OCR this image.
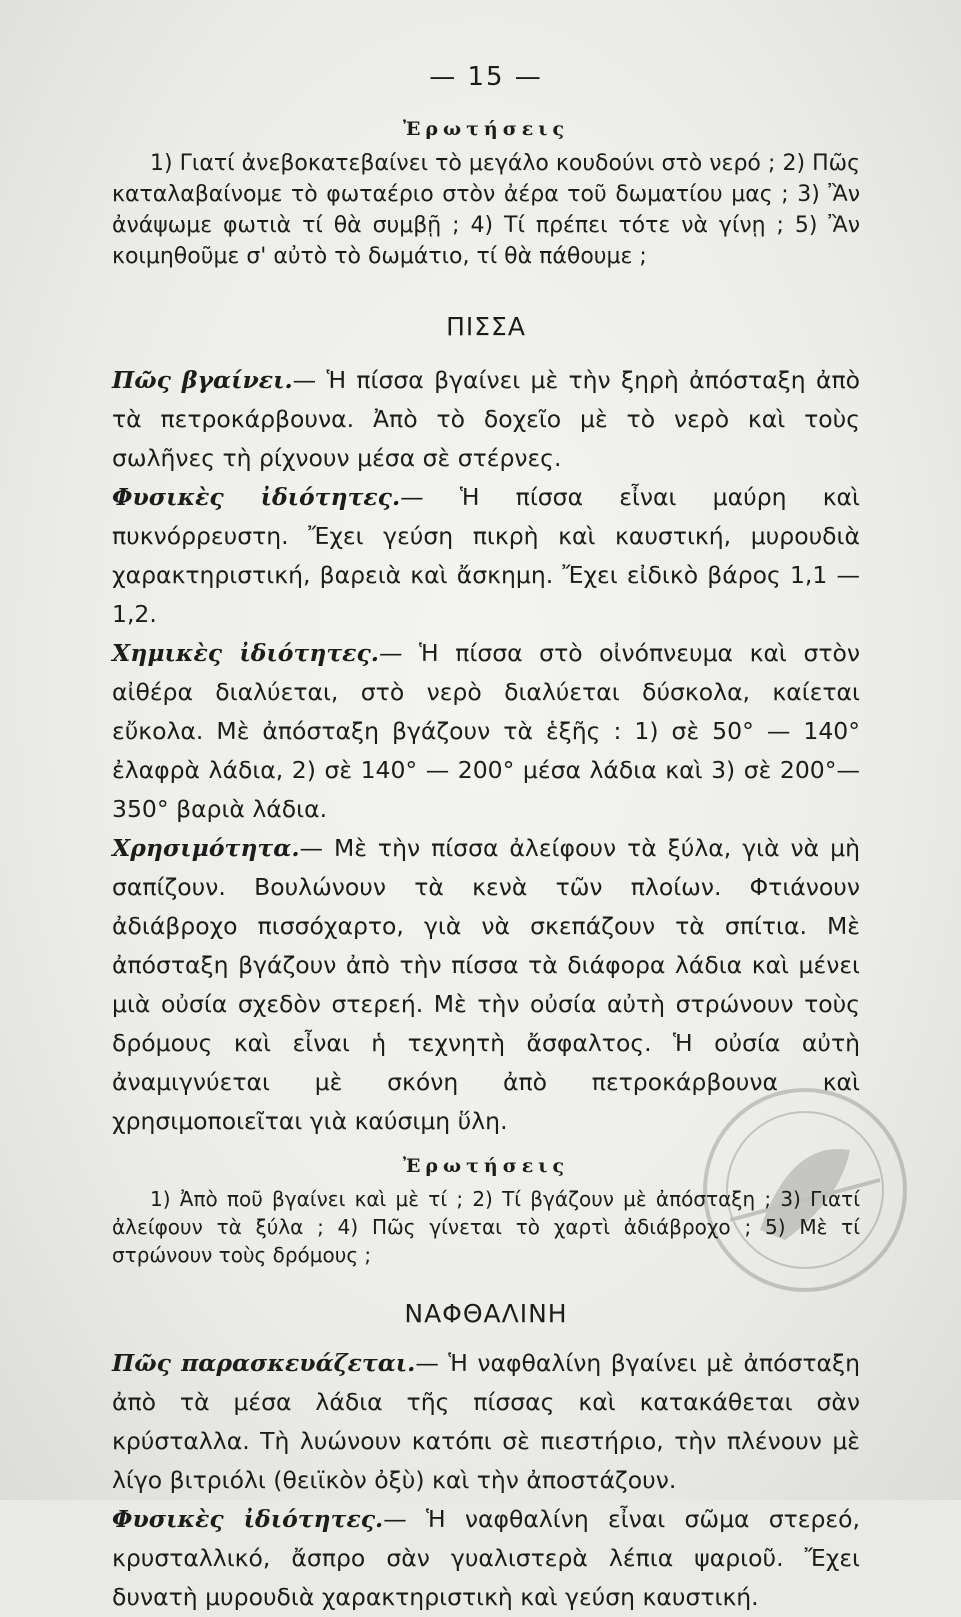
— 15 —
Ἐρωτήσεις

1) Γιατί ἀνεβοκατεβαίνει τὸ μεγάλο κουδούνι στὸ νερό ; 2) Πῶς καταλαβαίνομε τὸ φωταέριο στὸν ἀέρα τοῦ δωματίου μας ; 3) Ἂν ἀνάψωμε φωτιὰ τί θὰ συμβῇ ; 4) Τί πρέπει τότε νὰ γίνῃ ; 5) Ἂν κοιμηθοῦμε σ' αὐτὸ τὸ δωμάτιο, τί θὰ πάθουμε ;

ΠΙΣΣΑ

Πῶς βγαίνει.— Ἡ πίσσα βγαίνει μὲ τὴν ξηρὴ ἀπόσταξη ἀπὸ τὰ πετροκάρβουνα. Ἀπὸ τὸ δοχεῖο μὲ τὸ νερὸ καὶ τοὺς σωλῆνες τὴ ρίχνουν μέσα σὲ στέρνες.

Φυσικὲς ἰδιότητες.— Ἡ πίσσα εἶναι μαύρη καὶ πυκνόρρευστη. Ἔχει γεύση πικρὴ καὶ καυστική, μυρουδιὰ χαρακτηριστική, βαρειὰ καὶ ἄσκημη. Ἔχει εἰδικὸ βάρος 1,1 — 1,2.

Χημικὲς ἰδιότητες.— Ἡ πίσσα στὸ οἰνόπνευμα καὶ στὸν αἰθέρα διαλύεται, στὸ νερὸ διαλύεται δύσκολα, καίεται εὔκολα. Μὲ ἀπόσταξη βγάζουν τὰ ἑξῆς : 1) σὲ 50° — 140° ἐλαφρὰ λάδια, 2) σὲ 140° — 200° μέσα λάδια καὶ 3) σὲ 200°—350° βαριὰ λάδια.

Χρησιμότητα.— Μὲ τὴν πίσσα ἀλείφουν τὰ ξύλα, γιὰ νὰ μὴ σαπίζουν. Βουλώνουν τὰ κενὰ τῶν πλοίων. Φτιάνουν ἀδιάβροχο πισσόχαρτο, γιὰ νὰ σκεπάζουν τὰ σπίτια. Μὲ ἀπόσταξη βγάζουν ἀπὸ τὴν πίσσα τὰ διάφορα λάδια καὶ μένει μιὰ οὐσία σχεδὸν στερεή. Μὲ τὴν οὐσία αὐτὴ στρώνουν τοὺς δρόμους καὶ εἶναι ἡ τεχνητὴ ἄσφαλτος. Ἡ οὐσία αὐτὴ ἀναμιγνύεται μὲ σκόνη ἀπὸ πετροκάρβουνα καὶ χρησιμοποιεῖται γιὰ καύσιμη ὕλη.

Ἐρωτήσεις

1) Ἀπὸ ποῦ βγαίνει καὶ μὲ τί ; 2) Τί βγάζουν μὲ ἀπόσταξη ; 3) Γιατί ἀλείφουν τὰ ξύλα ; 4) Πῶς γίνεται τὸ χαρτὶ ἀδιάβροχο ; 5) Μὲ τί στρώνουν τοὺς δρόμους ;

ΝΑΦΘΑΛΙΝΗ

Πῶς παρασκευάζεται.— Ἡ ναφθαλίνη βγαίνει μὲ ἀπόσταξη ἀπὸ τὰ μέσα λάδια τῆς πίσσας καὶ κατακάθεται σὰν κρύσταλλα. Τὴ λυώνουν κατόπι σὲ πιεστήριο, τὴν πλένουν μὲ λίγο βιτριόλι (θειϊκὸν ὀξὺ) καὶ τὴν ἀποστάζουν.

Φυσικὲς ἰδιότητες.— Ἡ ναφθαλίνη εἶναι σῶμα στερεό, κρυσταλλικό, ἄσπρο σὰν γυαλιστερὰ λέπια ψαριοῦ. Ἔχει δυνατὴ μυρουδιὰ χαρακτηριστικὴ καὶ γεύση καυστική.
